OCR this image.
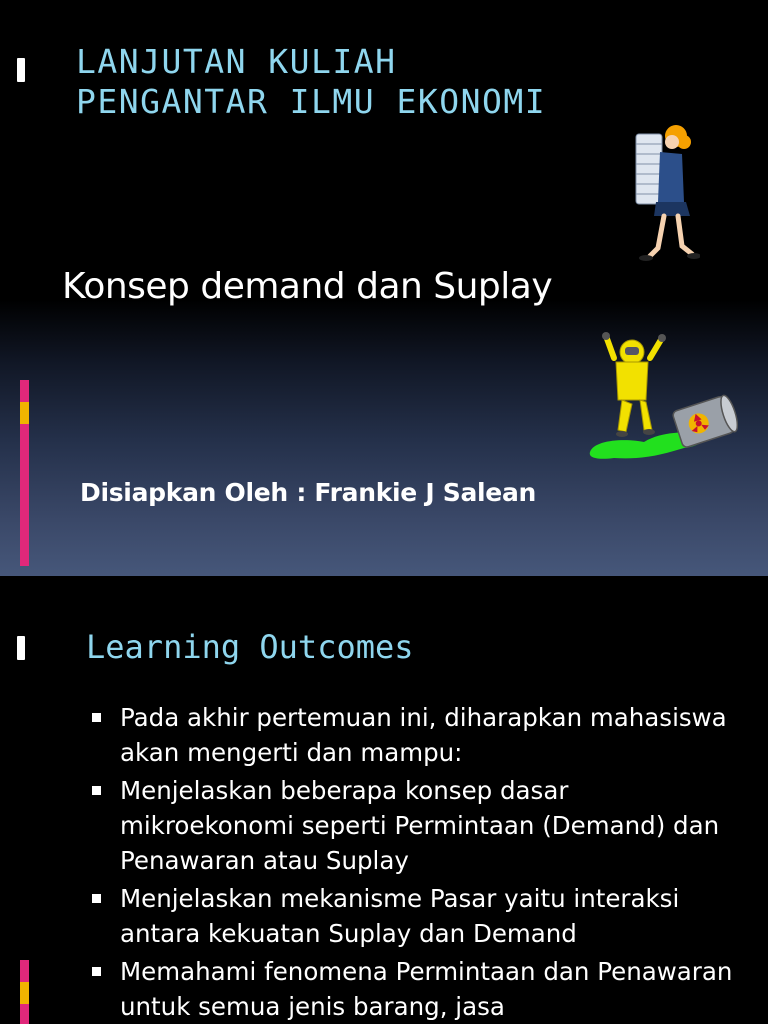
LANJUTAN KULIAH
PENGANTAR ILMU EKONOMI
Konsep demand dan Suplay

Disiapkan Oleh : Frankie J Salean

Learning Outcomes
Pada akhir pertemuan ini, diharapkan mahasiswa akan mengerti dan mampu:
Menjelaskan beberapa konsep dasar mikroekonomi seperti Permintaan (Demand) dan Penawaran atau Suplay
Menjelaskan mekanisme Pasar yaitu interaksi antara kekuatan Suplay dan Demand
Memahami fenomena Permintaan dan Penawaran untuk semua jenis barang, jasa
